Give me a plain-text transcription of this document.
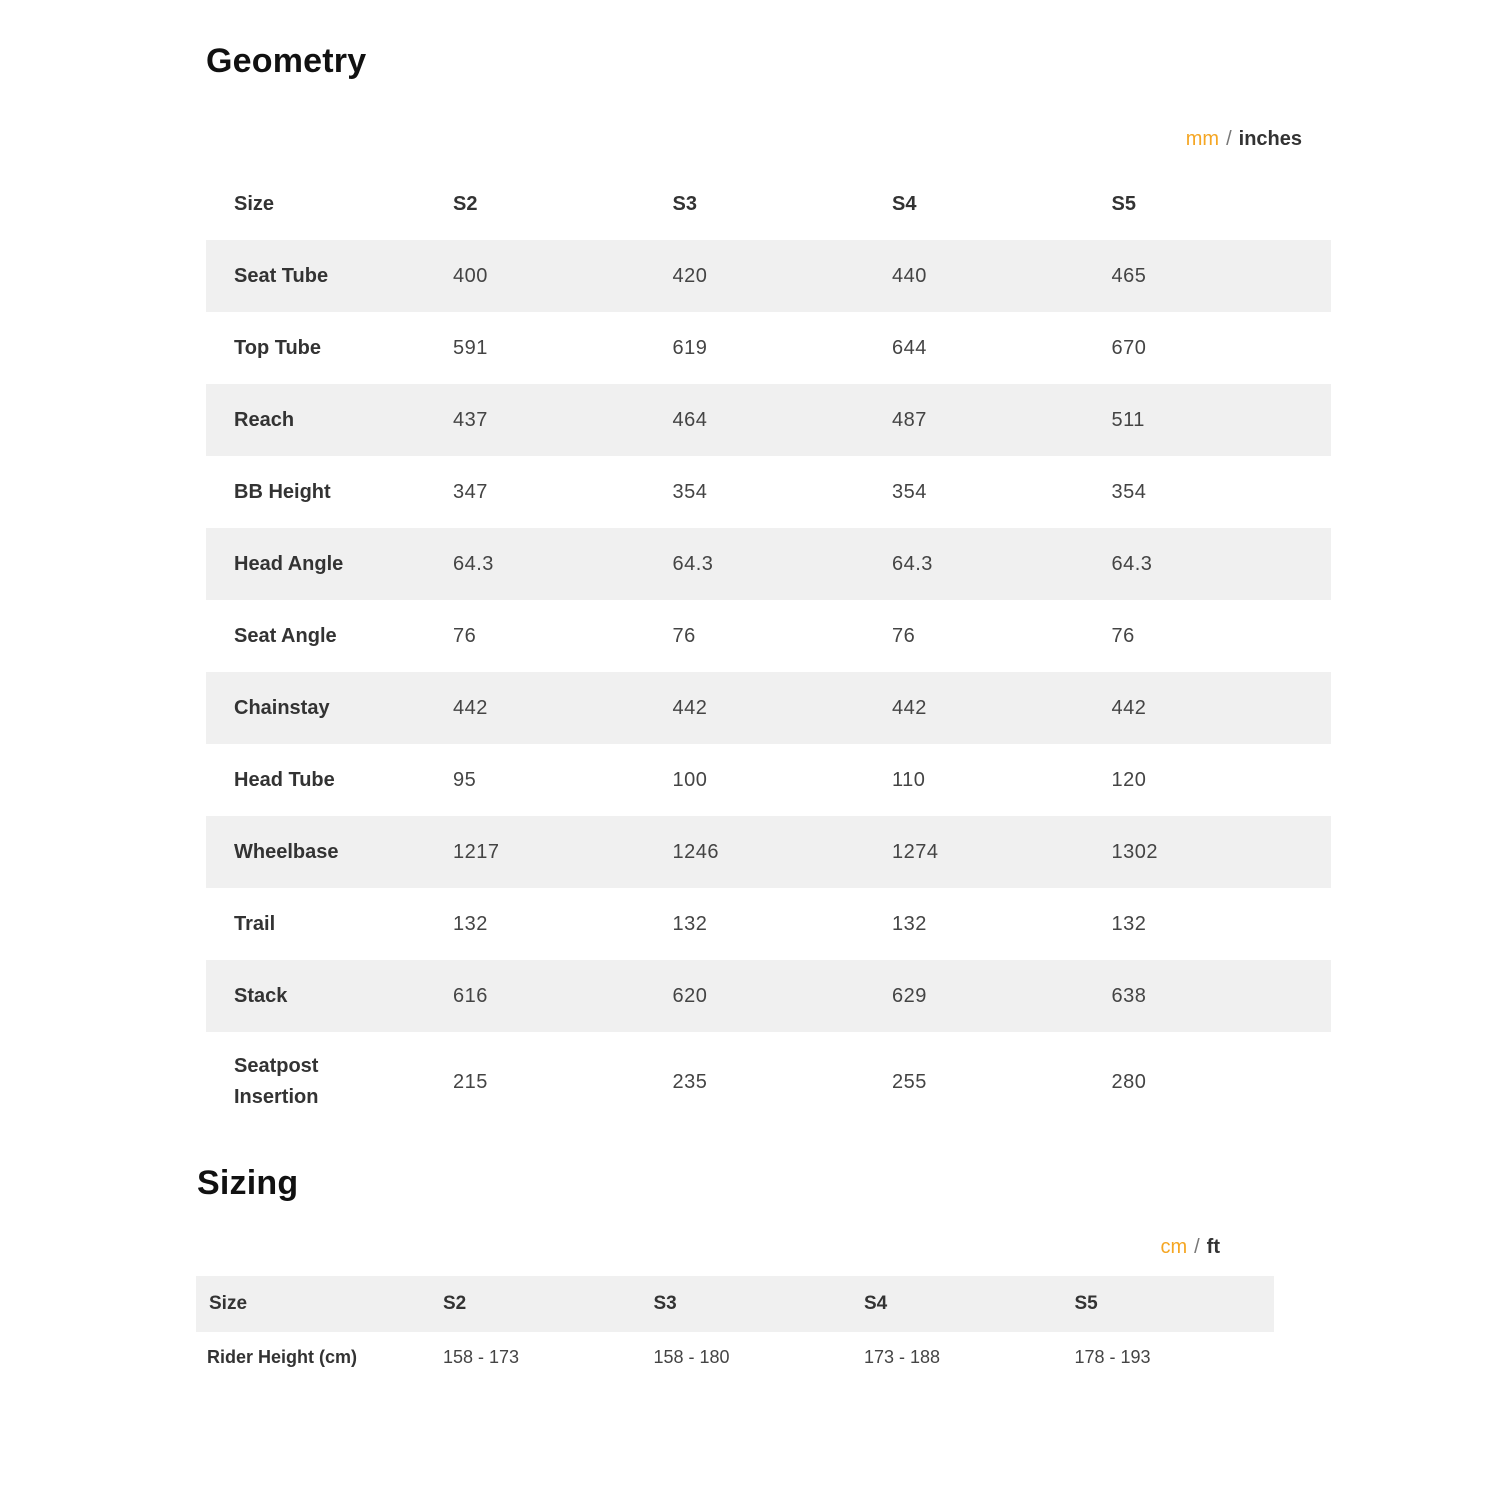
Geometry
mm / inches
Size	S2	S3	S4	S5
Seat Tube	400	420	440	465
Top Tube	591	619	644	670
Reach	437	464	487	511
BB Height	347	354	354	354
Head Angle	64.3	64.3	64.3	64.3
Seat Angle	76	76	76	76
Chainstay	442	442	442	442
Head Tube	95	100	110	120
Wheelbase	1217	1246	1274	1302
Trail	132	132	132	132
Stack	616	620	629	638
Seatpost Insertion	215	235	255	280
Sizing
cm / ft
Size	S2	S3	S4	S5
Rider Height (cm)	158 - 173	158 - 180	173 - 188	178 - 193
